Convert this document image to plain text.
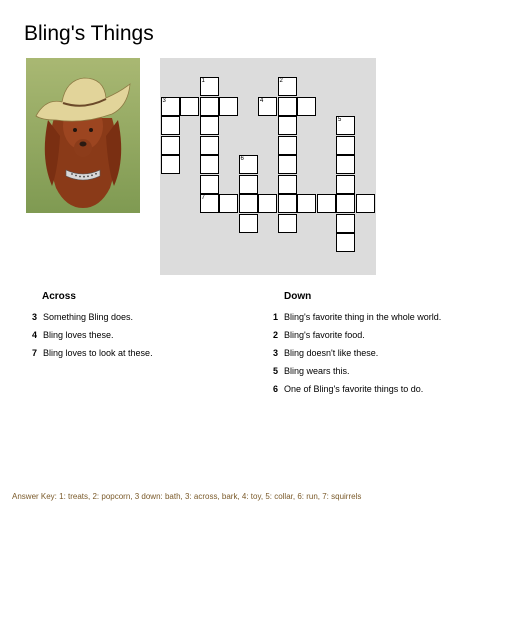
Bling's Things
1	2
3	4
5
6
7
Across	Down
3 Something Bling does.
4 Bling loves these.
7 Bling loves to look at these.
1 Bling's favorite thing in the whole world.
2 Bling's favorite food.
3 Bling doesn't like these.
5 Bling wears this.
6 One of Bling's favorite things to do.
Answer Key: 1: treats, 2: popcorn, 3 down: bath, 3: across, bark, 4: toy, 5: collar, 6: run, 7: squirrels
